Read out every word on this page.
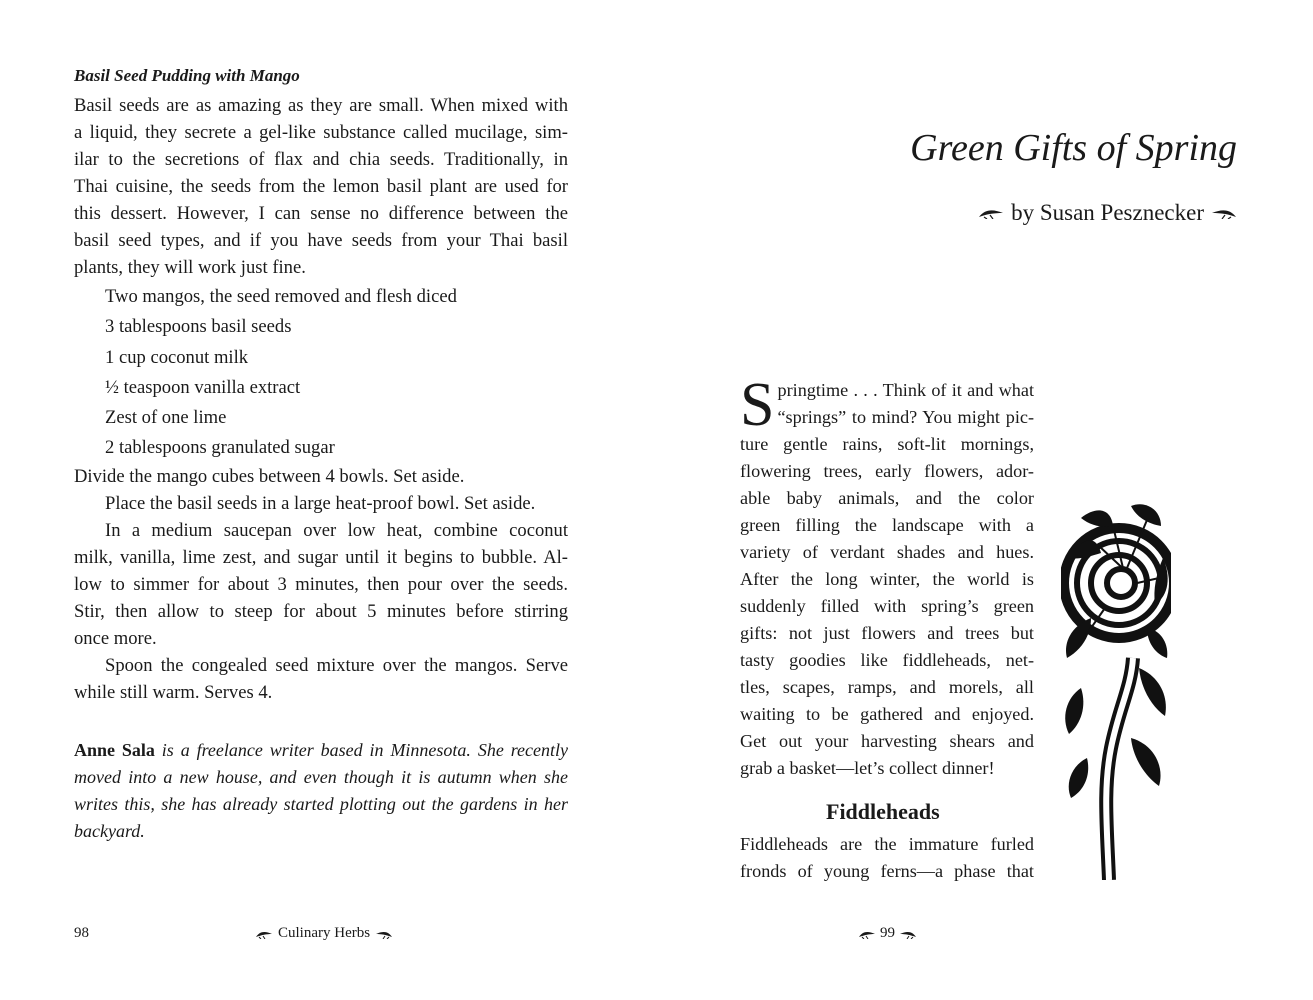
Basil Seed Pudding with Mango
Basil seeds are as amazing as they are small. When mixed with
a liquid, they secrete a gel-like substance called mucilage, sim-
ilar to the secretions of flax and chia seeds. Traditionally, in
Thai cuisine, the seeds from the lemon basil plant are used for
this dessert. However, I can sense no difference between the
basil seed types, and if you have seeds from your Thai basil
plants, they will work just fine.
Two mangos, the seed removed and flesh diced
3 tablespoons basil seeds
1 cup coconut milk
½ teaspoon vanilla extract
Zest of one lime
2 tablespoons granulated sugar
Divide the mango cubes between 4 bowls. Set aside.
Place the basil seeds in a large heat-proof bowl. Set aside.
In a medium saucepan over low heat, combine coconut
milk, vanilla, lime zest, and sugar until it begins to bubble. Al-
low to simmer for about 3 minutes, then pour over the seeds.
Stir, then allow to steep for about 5 minutes before stirring
once more.
Spoon the congealed seed mixture over the mangos. Serve
while still warm. Serves 4.
Anne Sala is a freelance writer based in Minnesota. She recently
moved into a new house, and even though it is autumn when she
writes this, she has already started plotting out the gardens in her
backyard.
98	Culinary Herbs
Green Gifts of Spring
by Susan Pesznecker
S pringtime . . . Think of it and what
“springs” to mind? You might pic-
ture gentle rains, soft-lit mornings,
flowering trees, early flowers, ador-
able baby animals, and the color
green filling the landscape with a
variety of verdant shades and hues.
After the long winter, the world is
suddenly filled with spring’s green
gifts: not just flowers and trees but
tasty goodies like fiddleheads, net-
tles, scapes, ramps, and morels, all
waiting to be gathered and enjoyed.
Get out your harvesting shears and
grab a basket—let’s collect dinner!
Fiddleheads
Fiddleheads are the immature furled
fronds of young ferns—a phase that
99
